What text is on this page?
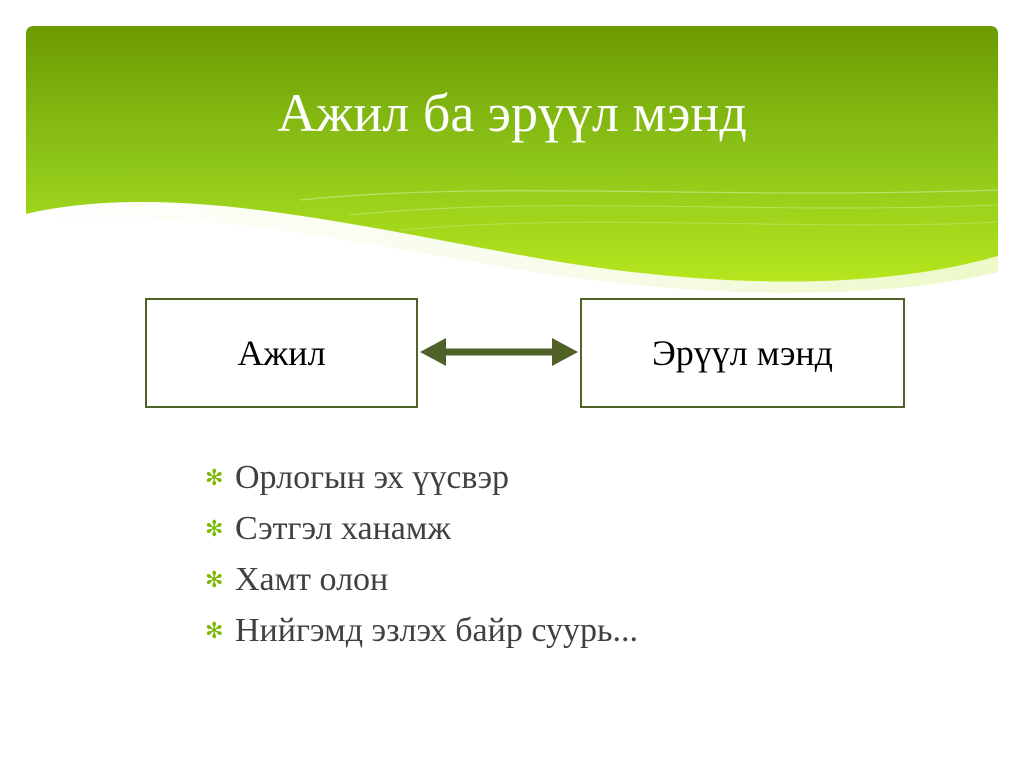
Ажил ба эрүүл мэнд
Ажил	Эрүүл мэнд
✻ Орлогын эх үүсвэр
✻ Сэтгэл ханамж
✻ Хамт олон
✻ Нийгэмд эзлэх байр суурь...
